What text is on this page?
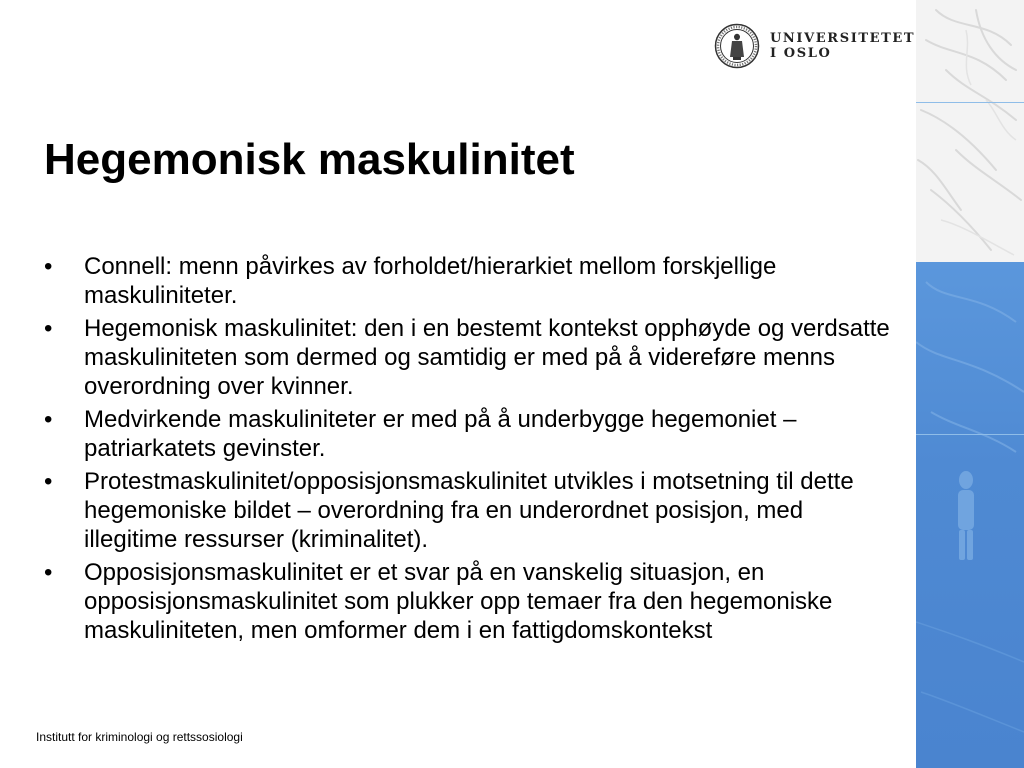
UNIVERSITETET
I OSLO
Hegemonisk maskulinitet
•	Connell: menn påvirkes av forholdet/hierarkiet mellom forskjellige maskuliniteter.
•	Hegemonisk maskulinitet: den i en bestemt kontekst opphøyde og verdsatte maskuliniteten som dermed og samtidig er med på å videreføre menns overordning over kvinner.
•	Medvirkende maskuliniteter er med på å underbygge hegemoniet – patriarkatets gevinster.
•	Protestmaskulinitet/opposisjonsmaskulinitet utvikles i motsetning til dette hegemoniske bildet – overordning fra en underordnet posisjon, med illegitime ressurser (kriminalitet).
•	Opposisjonsmaskulinitet er et svar på en vanskelig situasjon, en opposisjonsmaskulinitet som plukker opp temaer fra den hegemoniske maskuliniteten, men omformer dem i en fattigdomskontekst
Institutt for kriminologi og rettssosiologi
